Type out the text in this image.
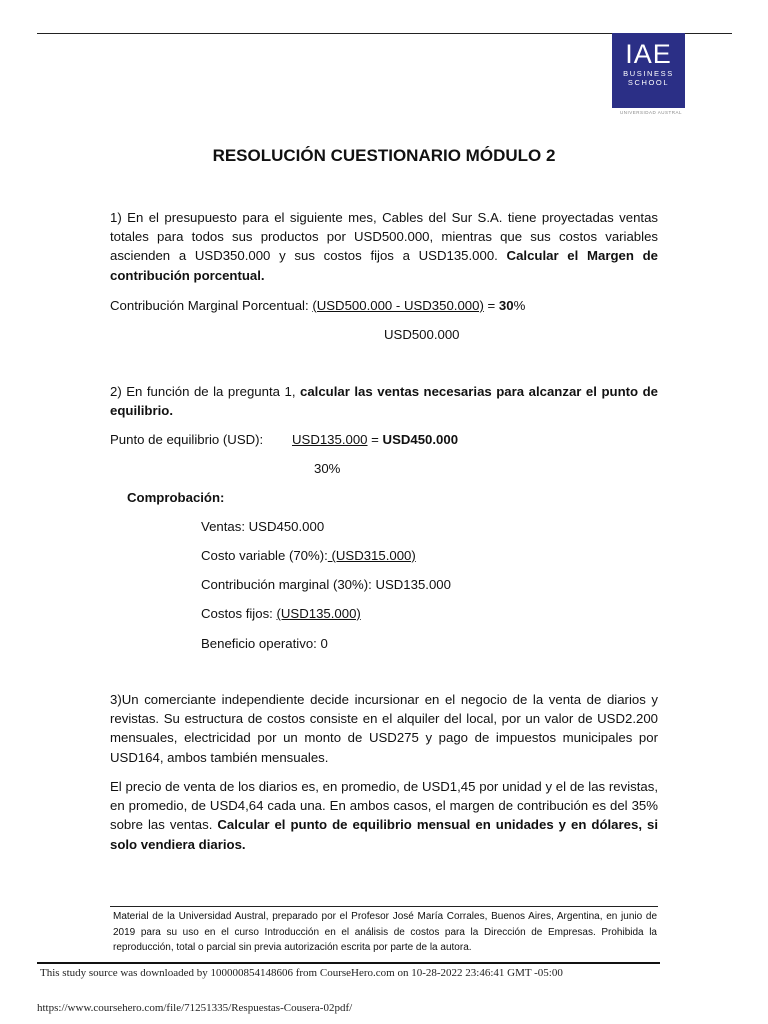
IAE
BUSINESS
SCHOOL
UNIVERSIDAD AUSTRAL
RESOLUCIÓN CUESTIONARIO MÓDULO 2
1) En el presupuesto para el siguiente mes, Cables del Sur S.A. tiene proyectadas ventas totales para todos sus productos por USD500.000, mientras que sus costos variables ascienden a USD350.000 y sus costos fijos a USD135.000. Calcular el Margen de contribución porcentual.
Contribución Marginal Porcentual: (USD500.000 - USD350.000) = 30%
USD500.000
2) En función de la pregunta 1, calcular las ventas necesarias para alcanzar el punto de equilibrio.
Punto de equilibrio (USD): USD135.000 = USD450.000
30%
Comprobación:
Ventas: USD450.000
Costo variable (70%): (USD315.000)
Contribución marginal (30%): USD135.000
Costos fijos: (USD135.000)
Beneficio operativo: 0
3)Un comerciante independiente decide incursionar en el negocio de la venta de diarios y revistas. Su estructura de costos consiste en el alquiler del local, por un valor de USD2.200 mensuales, electricidad por un monto de USD275 y pago de impuestos municipales por USD164, ambos también mensuales.
El precio de venta de los diarios es, en promedio, de USD1,45 por unidad y el de las revistas, en promedio, de USD4,64 cada una. En ambos casos, el margen de contribución es del 35% sobre las ventas. Calcular el punto de equilibrio mensual en unidades y en dólares, si solo vendiera diarios.
Material de la Universidad Austral, preparado por el Profesor José María Corrales, Buenos Aires, Argentina, en junio de 2019 para su uso en el curso Introducción en el análisis de costos para la Dirección de Empresas. Prohibida la reproducción, total o parcial sin previa autorización escrita por parte de la autora.
This study source was downloaded by 100000854148606 from CourseHero.com on 10-28-2022 23:46:41 GMT -05:00
https://www.coursehero.com/file/71251335/Respuestas-Cousera-02pdf/
